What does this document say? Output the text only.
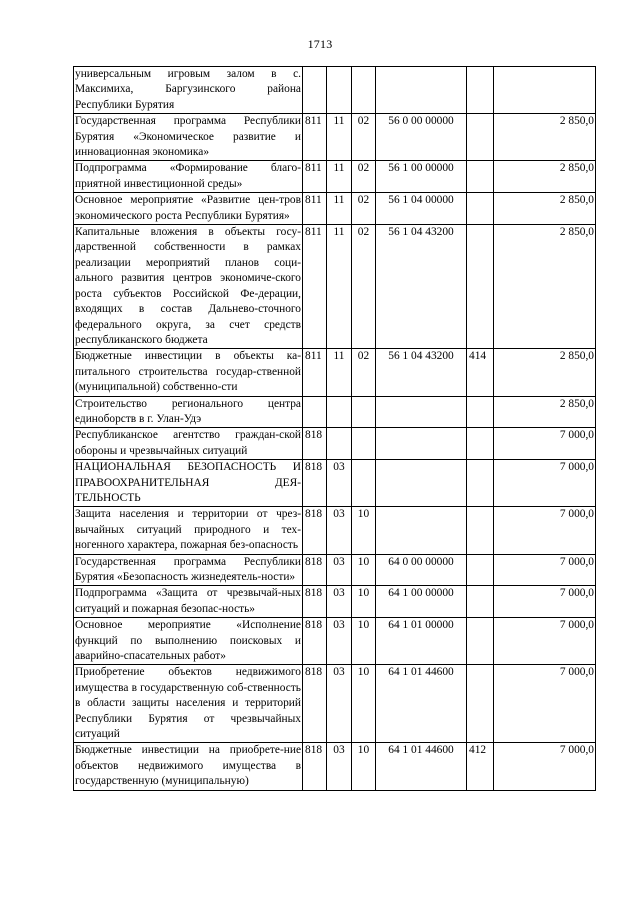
1713
универсальным игровым залом в с. Максимиха, Баргузинского района Республики Бурятия						
Государственная программа Республики Бурятия «Экономическое развитие и инновационная экономика»	811	11	02	56 0 00 00000		2 850,0
Подпрограмма «Формирование благо-приятной инвестиционной среды»	811	11	02	56 1 00 00000		2 850,0
Основное мероприятие «Развитие цен-тров экономического роста Республики Бурятия»	811	11	02	56 1 04 00000		2 850,0
Капитальные вложения в объекты госу-дарственной собственности в рамках реализации мероприятий планов соци-ального развития центров экономиче-ского роста субъектов Российской Фе-дерации, входящих в состав Дальнево-сточного федерального округа, за счет средств республиканского бюджета	811	11	02	56 1 04 43200		2 850,0
Бюджетные инвестиции в объекты ка-питального строительства государ-ственной (муниципальной) собственно-сти	811	11	02	56 1 04 43200	414	2 850,0
Строительство регионального центра единоборств в г. Улан-Удэ						2 850,0
Республиканское агентство граждан-ской обороны и чрезвычайных ситуаций	818					7 000,0
НАЦИОНАЛЬНАЯ БЕЗОПАСНОСТЬ И ПРАВООХРАНИТЕЛЬНАЯ ДЕЯ-ТЕЛЬНОСТЬ	818	03				7 000,0
Защита населения и территории от чрез-вычайных ситуаций природного и тех-ногенного характера, пожарная без-опасность	818	03	10			7 000,0
Государственная программа Республики Бурятия «Безопасность жизнедеятель-ности»	818	03	10	64 0 00 00000		7 000,0
Подпрограмма «Защита от чрезвычай-ных ситуаций и пожарная безопас-ность»	818	03	10	64 1 00 00000		7 000,0
Основное мероприятие «Исполнение функций по выполнению поисковых и аварийно-спасательных работ»	818	03	10	64 1 01 00000		7 000,0
Приобретение объектов недвижимого имущества в государственную соб-ственность в области защиты населения и территорий Республики Бурятия от чрезвычайных ситуаций	818	03	10	64 1 01 44600		7 000,0
Бюджетные инвестиции на приобрете-ние объектов недвижимого имущества в государственную (муниципальную)	818	03	10	64 1 01 44600	412	7 000,0
